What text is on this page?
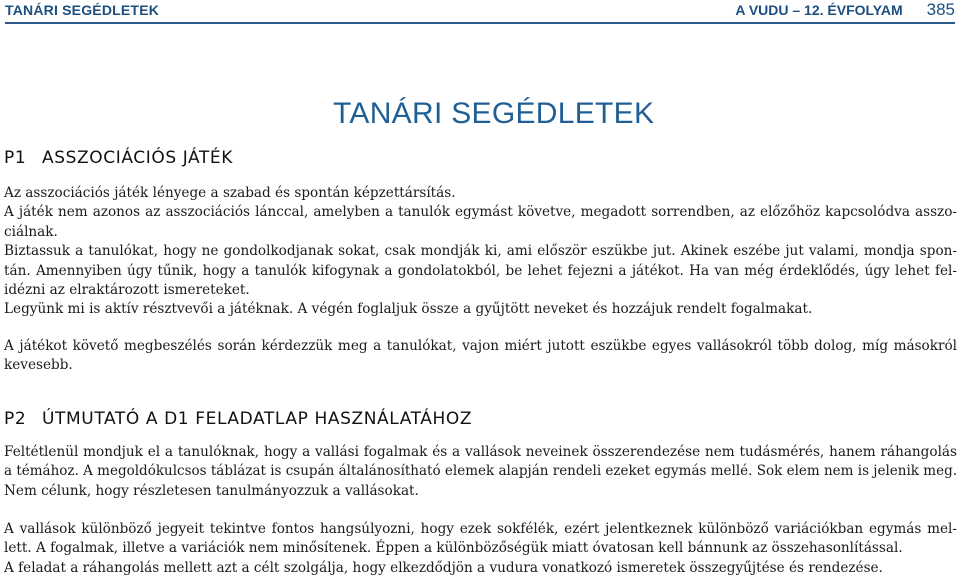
TANÁRI SEGÉDLETEK	A VUDU – 12. ÉVFOLYAM 385
TANÁRI SEGÉDLETEK
P1 ASSZOCIÁCIÓS JÁTÉK
Az asszociációs játék lényege a szabad és spontán képzettársítás.
A játék nem azonos az asszociációs lánccal, amelyben a tanulók egymást követve, megadott sorrendben, az előzőhöz kapcsolódva asszo-
ciálnak.
Biztassuk a tanulókat, hogy ne gondolkodjanak sokat, csak mondják ki, ami először eszükbe jut. Akinek eszébe jut valami, mondja spon-
tán. Amennyiben úgy tűnik, hogy a tanulók kifogynak a gondolatokból, be lehet fejezni a játékot. Ha van még érdeklődés, úgy lehet fel-
idézni az elraktározott ismereteket.
Legyünk mi is aktív résztvevői a játéknak. A végén foglaljuk össze a gyűjtött neveket és hozzájuk rendelt fogalmakat.
A játékot követő megbeszélés során kérdezzük meg a tanulókat, vajon miért jutott eszükbe egyes vallásokról több dolog, míg másokról
kevesebb.
P2 ÚTMUTATÓ A D1 FELADATLAP HASZNÁLATÁHOZ
Feltétlenül mondjuk el a tanulóknak, hogy a vallási fogalmak és a vallások neveinek összerendezése nem tudásmérés, hanem ráhangolás
a témához. A megoldókulcsos táblázat is csupán általánosítható elemek alapján rendeli ezeket egymás mellé. Sok elem nem is jelenik meg.
Nem célunk, hogy részletesen tanulmányozzuk a vallásokat.
A vallások különböző jegyeit tekintve fontos hangsúlyozni, hogy ezek sokfélék, ezért jelentkeznek különböző variációkban egymás mel-
lett. A fogalmak, illetve a variációk nem minősítenek. Éppen a különbözőségük miatt óvatosan kell bánnunk az összehasonlítással.
A feladat a ráhangolás mellett azt a célt szolgálja, hogy elkezdődjön a vudura vonatkozó ismeretek összegyűjtése és rendezése.
